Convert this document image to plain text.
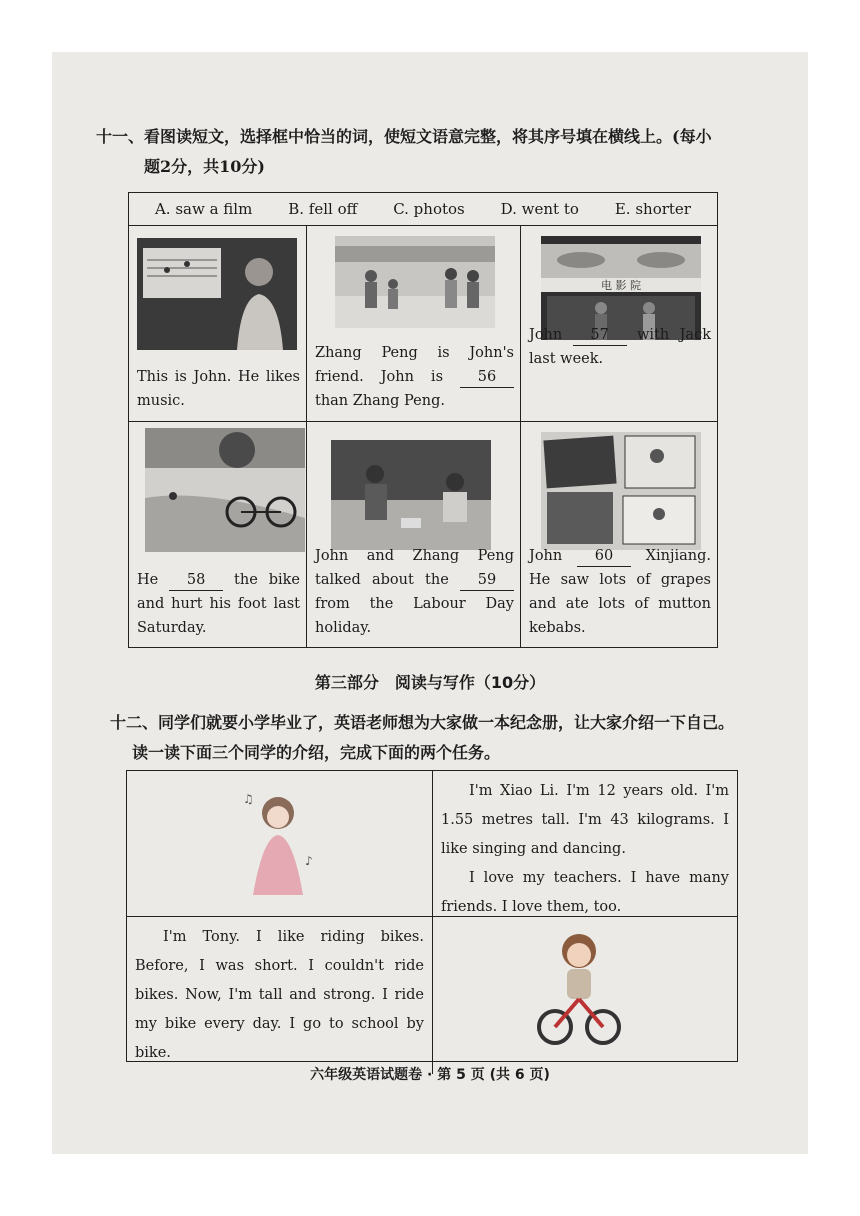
十一、看图读短文，选择框中恰当的词，使短文语意完整，将其序号填在横线上。(每小
题2分，共10分)
A. saw a film B. fell off C. photos D. went to E. shorter
This is John. He likes music.
Zhang Peng is John's friend. John is 56 than Zhang Peng.
电 影 院
John 57 with Jack last week.
He 58 the bike and hurt his foot last Saturday.
John and Zhang Peng talked about the 59 from the Labour Day holiday.
John 60 Xinjiang. He saw lots of grapes and ate lots of mutton kebabs.
第三部分　阅读与写作（10分）
十二、同学们就要小学毕业了，英语老师想为大家做一本纪念册，让大家介绍一下自己。
读一读下面三个同学的介绍，完成下面的两个任务。
♫
♪
I'm Xiao Li. I'm 12 years old. I'm 1.55 metres tall. I'm 43 kilograms. I like singing and dancing.
I love my teachers. I have many friends. I love them, too.
I'm Tony. I like riding bikes. Before, I was short. I couldn't ride bikes. Now, I'm tall and strong. I ride my bike every day. I go to school by bike.
六年级英语试题卷 · 第 5 页 (共 6 页)
